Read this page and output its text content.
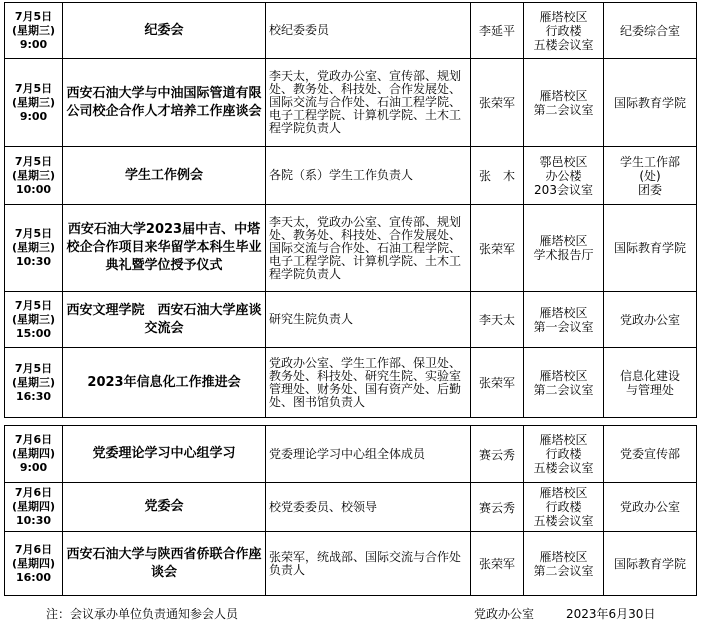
7月5日
(星期三)
9:00	纪委会	校纪委委员	李延平	雁塔校区
行政楼
五楼会议室	纪委综合室

7月5日
(星期三)
9:00	西安石油大学与中油国际管道有限公司校企合作人才培养工作座谈会	李天太，党政办公室、宣传部、规划处、教务处、科技处、合作发展处、国际交流与合作处、石油工程学院、电子工程学院、计算机学院、土木工程学院负责人	张荣军	雁塔校区
第二会议室	国际教育学院

7月5日
(星期三)
10:00	学生工作例会	各院（系）学生工作负责人	张　木	鄠邑校区
办公楼
203会议室	学生工作部
(处)
团委

7月5日
(星期三)
10:30	西安石油大学2023届中吉、中塔校企合作项目来华留学本科生毕业典礼暨学位授予仪式	李天太，党政办公室、宣传部、规划处、教务处、科技处、合作发展处、国际交流与合作处、石油工程学院、电子工程学院、计算机学院、土木工程学院负责人	张荣军	雁塔校区
学术报告厅	国际教育学院

7月5日
(星期三)
15:00	西安文理学院　西安石油大学座谈交流会	研究生院负责人	李天太	雁塔校区
第一会议室	党政办公室

7月5日
(星期三)
16:30	2023年信息化工作推进会	党政办公室、学生工作部、保卫处、教务处、科技处、研究生院、实验室管理处、财务处、国有资产处、后勤处、图书馆负责人	张荣军	雁塔校区
第二会议室	信息化建设
与管理处
7月6日
(星期四)
9:00	党委理论学习中心组学习	党委理论学习中心组全体成员	赛云秀	雁塔校区
行政楼
五楼会议室	党委宣传部

7月6日
(星期四)
10:30	党委会	校党委委员、校领导	赛云秀	雁塔校区
行政楼
五楼会议室	党政办公室

7月6日
(星期四)
16:00	西安石油大学与陕西省侨联合作座谈会	张荣军，统战部、国际交流与合作处负责人	张荣军	雁塔校区
第二会议室	国际教育学院
注：会议承办单位负责通知参会人员	党政办公室	2023年6月30日
